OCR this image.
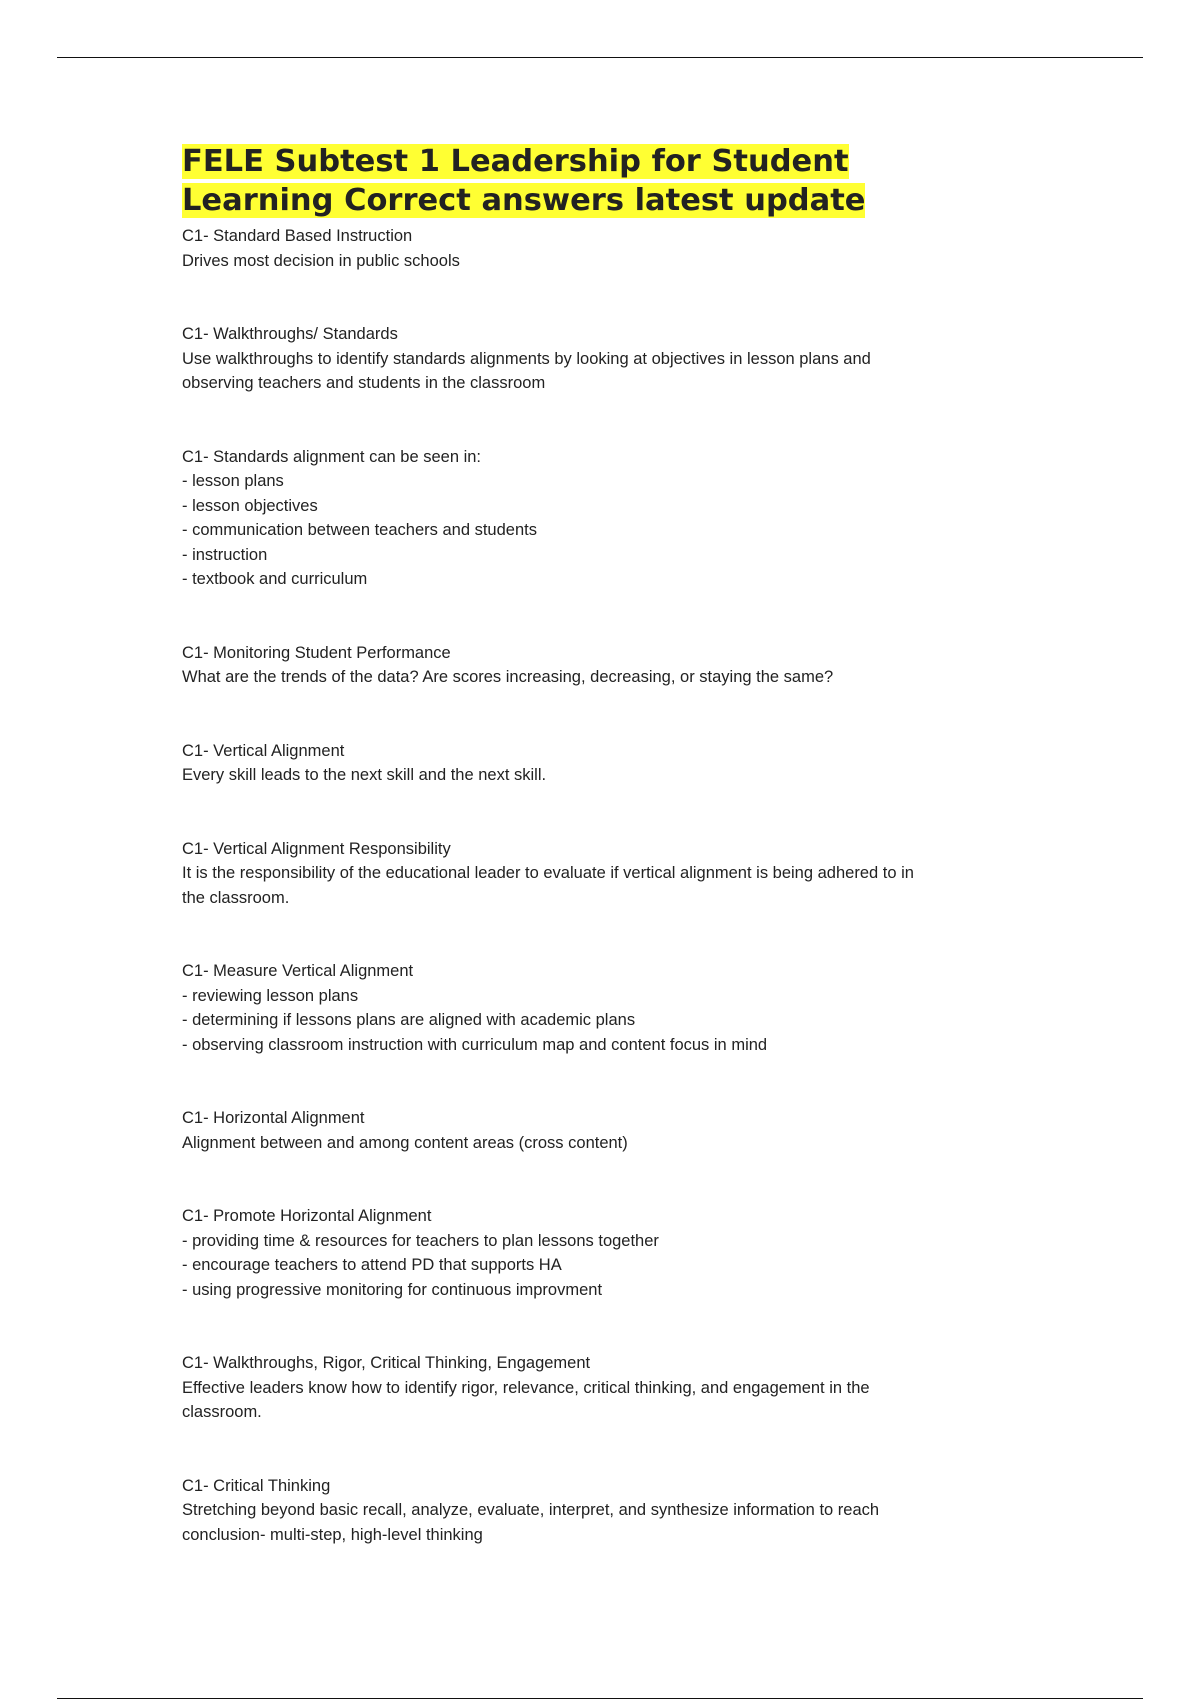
FELE Subtest 1 Leadership for Student
Learning Correct answers latest update
C1- Standard Based Instruction
Drives most decision in public schools
C1- Walkthroughs/ Standards
Use walkthroughs to identify standards alignments by looking at objectives in lesson plans and
observing teachers and students in the classroom
C1- Standards alignment can be seen in:
- lesson plans
- lesson objectives
- communication between teachers and students
- instruction
- textbook and curriculum
C1- Monitoring Student Performance
What are the trends of the data? Are scores increasing, decreasing, or staying the same?
C1- Vertical Alignment
Every skill leads to the next skill and the next skill.
C1- Vertical Alignment Responsibility
It is the responsibility of the educational leader to evaluate if vertical alignment is being adhered to in
the classroom.
C1- Measure Vertical Alignment
- reviewing lesson plans
- determining if lessons plans are aligned with academic plans
- observing classroom instruction with curriculum map and content focus in mind
C1- Horizontal Alignment
Alignment between and among content areas (cross content)
C1- Promote Horizontal Alignment
- providing time & resources for teachers to plan lessons together
- encourage teachers to attend PD that supports HA
- using progressive monitoring for continuous improvment
C1- Walkthroughs, Rigor, Critical Thinking, Engagement
Effective leaders know how to identify rigor, relevance, critical thinking, and engagement in the
classroom.
C1- Critical Thinking
Stretching beyond basic recall, analyze, evaluate, interpret, and synthesize information to reach
conclusion- multi-step, high-level thinking
